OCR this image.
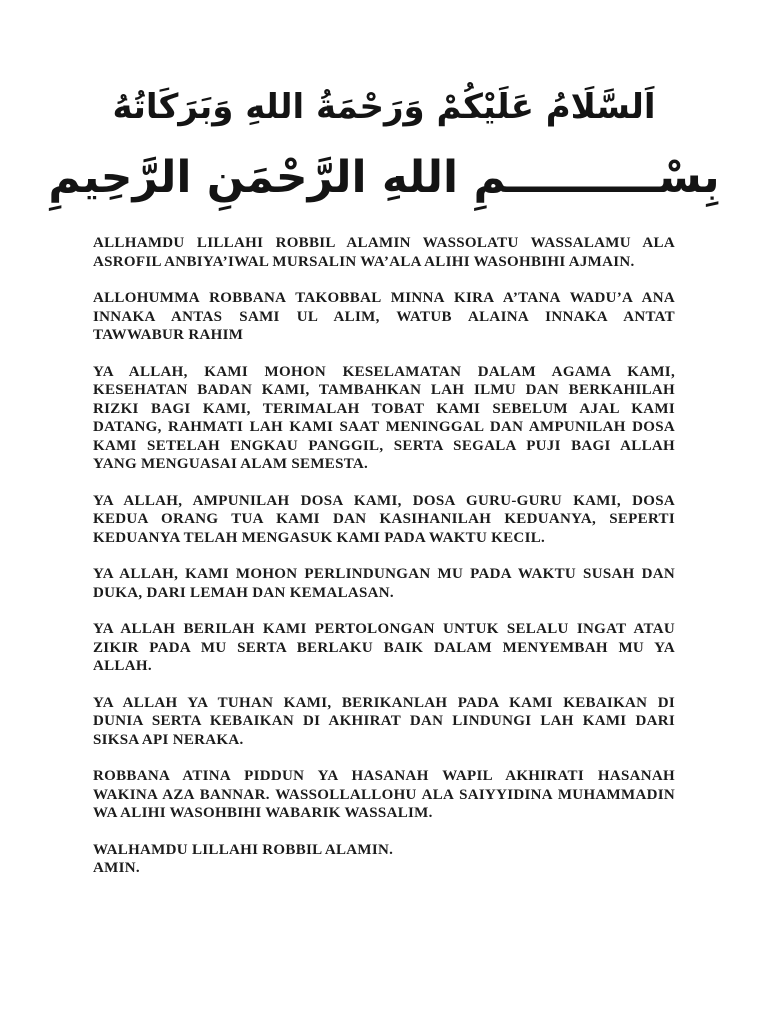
اَلسَّلَامُ عَلَيْكُمْ وَرَحْمَةُ اللهِ وَبَرَكَاتُهُ
بِسْــــــــــمِ اللهِ الرَّحْمَنِ الرَّحِيمِ
ALLHAMDU LILLAHI ROBBIL ALAMIN WASSOLATU WASSALAMU ALA
ASROFIL ANBIYA’IWAL MURSALIN WA’ALA ALIHI WASOHBIHI AJMAIN.
ALLOHUMMA ROBBANA TAKOBBAL MINNA KIRA A’TANA WADU’A ANA
INNAKA ANTAS SAMI UL ALIM, WATUB ALAINA INNAKA ANTAT
TAWWABUR RAHIM
YA ALLAH, KAMI MOHON KESELAMATAN DALAM AGAMA KAMI,
KESEHATAN BADAN KAMI, TAMBAHKAN LAH ILMU DAN BERKAHILAH
RIZKI BAGI KAMI, TERIMALAH TOBAT KAMI SEBELUM AJAL KAMI
DATANG, RAHMATI LAH KAMI SAAT MENINGGAL DAN AMPUNILAH DOSA
KAMI SETELAH ENGKAU PANGGIL, SERTA SEGALA PUJI BAGI ALLAH
YANG MENGUASAI ALAM SEMESTA.
YA ALLAH, AMPUNILAH DOSA KAMI, DOSA GURU-GURU KAMI, DOSA
KEDUA ORANG TUA KAMI DAN KASIHANILAH KEDUANYA, SEPERTI
KEDUANYA TELAH MENGASUK KAMI PADA WAKTU KECIL.
YA ALLAH, KAMI MOHON PERLINDUNGAN MU PADA WAKTU SUSAH DAN
DUKA, DARI LEMAH DAN KEMALASAN.
YA ALLAH BERILAH KAMI PERTOLONGAN UNTUK SELALU INGAT ATAU
ZIKIR PADA MU SERTA BERLAKU BAIK DALAM MENYEMBAH MU YA
ALLAH.
YA ALLAH YA TUHAN KAMI, BERIKANLAH PADA KAMI KEBAIKAN DI
DUNIA SERTA KEBAIKAN DI AKHIRAT DAN LINDUNGI LAH KAMI DARI
SIKSA API NERAKA.
ROBBANA ATINA PIDDUN YA HASANAH WAPIL AKHIRATI HASANAH
WAKINA AZA BANNAR. WASSOLLALLOHU ALA SAIYYIDINA MUHAMMADIN
WA ALIHI WASOHBIHI WABARIK WASSALIM.
WALHAMDU LILLAHI ROBBIL ALAMIN.
AMIN.
